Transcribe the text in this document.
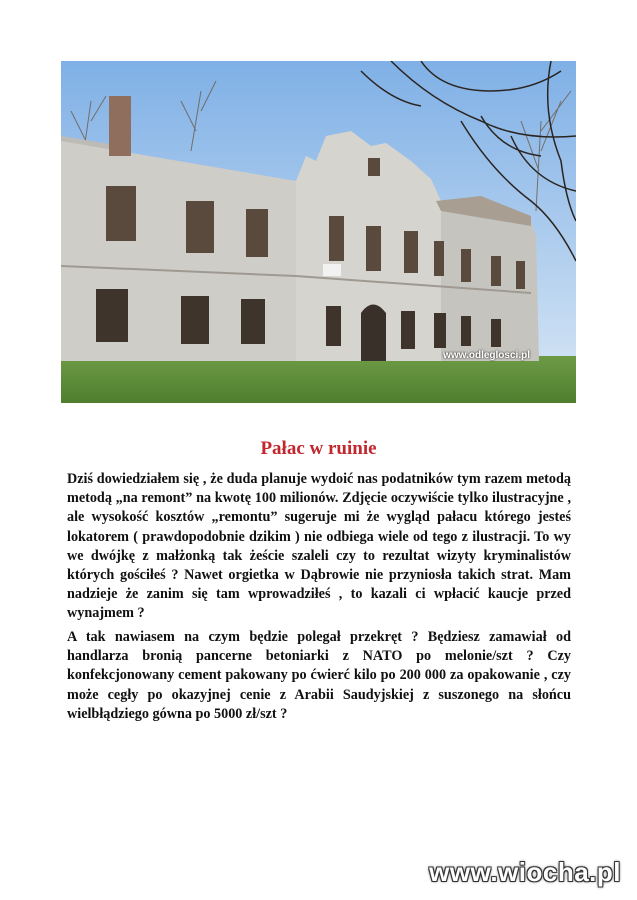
www.odleglosci.pl
Pałac w ruinie

Dziś dowiedziałem się , że duda planuje wydoić nas podatników tym razem metodą metodą „na remont” na kwotę 100 milionów. Zdjęcie oczywiście tylko ilustracyjne , ale wysokość kosztów „remontu” sugeruje mi że wygląd pałacu którego jesteś lokatorem ( prawdopodobnie dzikim ) nie odbiega wiele od tego z ilustracji. To wy we dwójkę z małżonką tak żeście szaleli czy to rezultat wizyty kryminalistów których gościłeś ? Nawet orgietka w Dąbrowie nie przyniosła takich strat. Mam nadzieje że zanim się tam wprowadziłeś , to kazali ci wpłacić kaucje przed wynajmem ?

A tak nawiasem na czym będzie polegał przekręt ? Będziesz zamawiał od handlarza bronią pancerne betoniarki z NATO po melonie/szt ? Czy konfekcjonowany cement pakowany po ćwierć kilo po 200 000 za opakowanie , czy może cegły po okazyjnej cenie z Arabii Saudyjskiej z suszonego na słońcu wielbłądziego gówna po 5000 zł/szt ?

www.wiocha.pl
